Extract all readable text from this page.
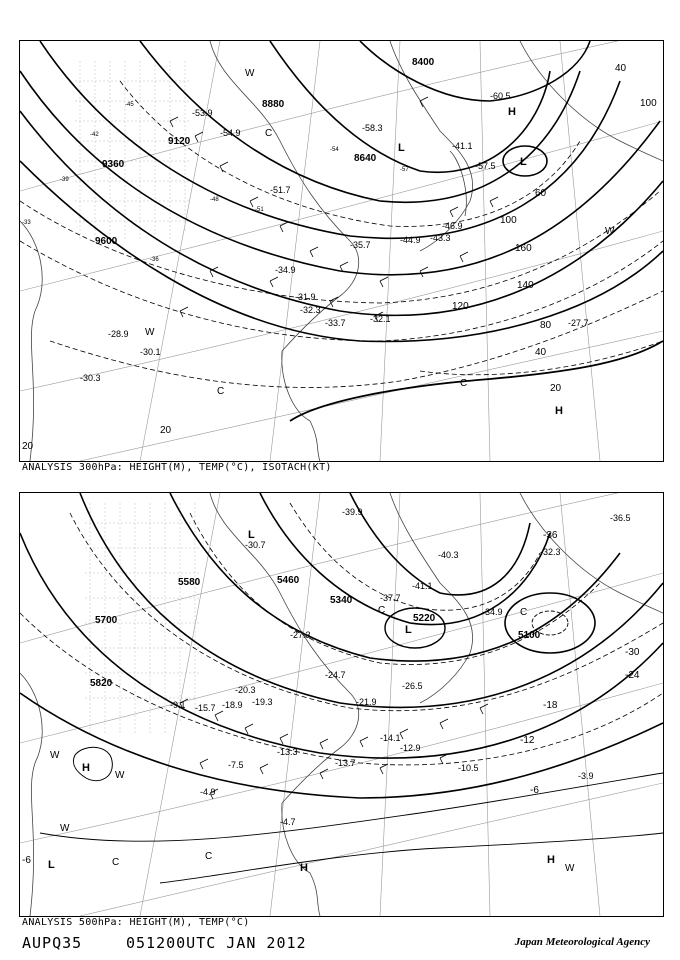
9600
9360
9120
8880
8640
8400
20
20
20
40
40
60
80
100
100
120
140
160
-27.7
-28.9
-30.1
-30.3
-31.9
-32.1
-32.3
-33.7
-34.9
-35.7
-41.1
-43.3
-44.9
-46.9
-51.7
-53.9
-54.9
-57.5
-58.3
-60.5
-33
-36
-39
-42
-45
-48
-51
-54
-57
H
H
L
L
W
W
W
C
C
C
ANALYSIS 300hPa: HEIGHT(M), TEMP(°C), ISOTACH(KT)
5820
5700
5580	5460
5340
5220
5100
-6
-6
-12
-18
-24
-30
-36
-3.9
-4.7
-4.9
-7.5
-9.1
-10.5
-12.9
-13.3
-13.7
-14.1
-15.7 -18.9 -19.3
-20.3
-21.9
-24.7
-26.5
-27.3
-30.7
-32.3
-34.9
-36.5
-37.7
-39.9
-40.3
-41.1
H
H
H
L
L
L
W
W
W
W
C
C
C	C
ANALYSIS 500hPa: HEIGHT(M), TEMP(°C)
AUPQ35	051200UTC JAN 2012	Japan Meteorological Agency
